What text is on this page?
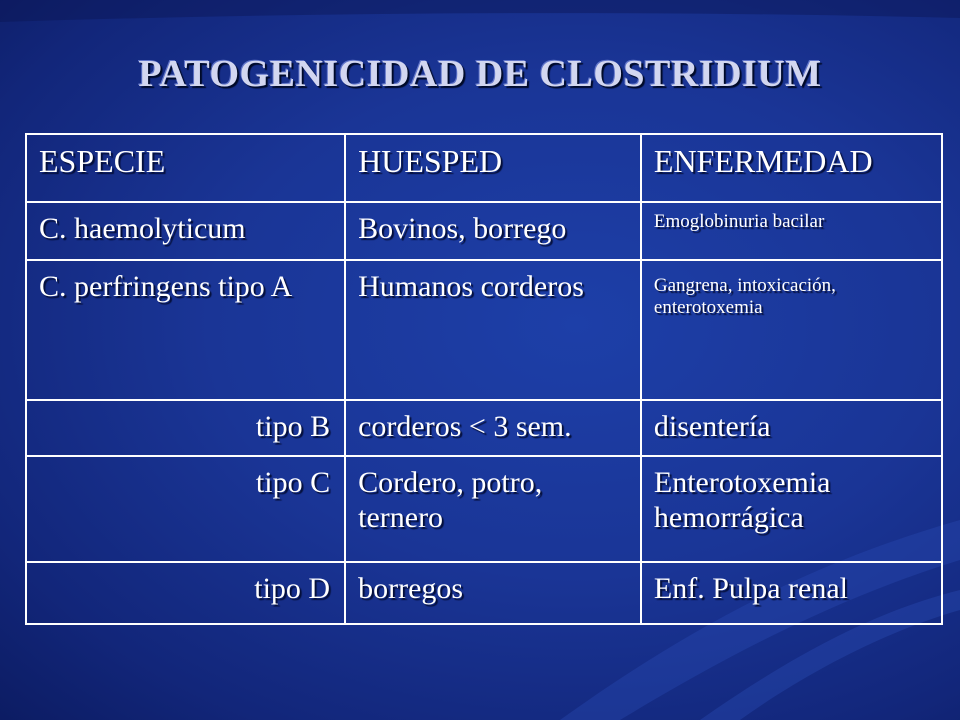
PATOGENICIDAD DE CLOSTRIDIUM
ESPECIE	HUESPED	ENFERMEDAD
C. haemolyticum	Bovinos, borrego	Emoglobinuria bacilar
C. perfringens tipo A	Humanos corderos	Gangrena, intoxicación, enterotoxemia
tipo B	corderos < 3 sem.	disentería
tipo C	Cordero, potro, ternero	Enterotoxemia hemorrágica
tipo D	borregos	Enf. Pulpa renal
